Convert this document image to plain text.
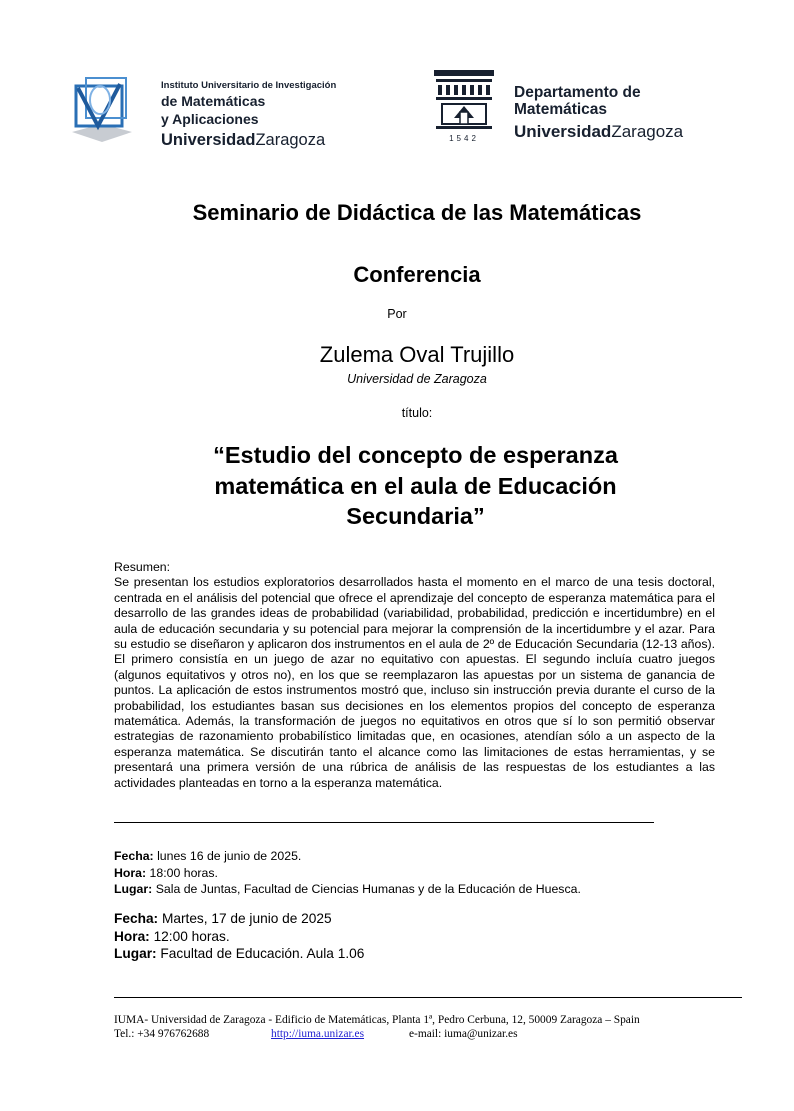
Instituto Universitario de Investigación
de Matemáticas
y Aplicaciones
UniversidadZaragoza	1542
Departamento de
Matemáticas
UniversidadZaragoza
Seminario de Didáctica de las Matemáticas
Conferencia
Por
Zulema Oval Trujillo
Universidad de Zaragoza
título:
“Estudio del concepto de esperanza matemática en el aula de Educación Secundaria”
Resumen:

Se presentan los estudios exploratorios desarrollados hasta el momento en el marco de una tesis doctoral, centrada en el análisis del potencial que ofrece el aprendizaje del concepto de esperanza matemática para el desarrollo de las grandes ideas de probabilidad (variabilidad, probabilidad, predicción e incertidumbre) en el aula de educación secundaria y su potencial para mejorar la comprensión de la incertidumbre y el azar. Para su estudio se diseñaron y aplicaron dos instrumentos en el aula de 2º de Educación Secundaria (12-13 años). El primero consistía en un juego de azar no equitativo con apuestas. El segundo incluía cuatro juegos (algunos equitativos y otros no), en los que se reemplazaron las apuestas por un sistema de ganancia de puntos. La aplicación de estos instrumentos mostró que, incluso sin instrucción previa durante el curso de la probabilidad, los estudiantes basan sus decisiones en los elementos propios del concepto de esperanza matemática. Además, la transformación de juegos no equitativos en otros que sí lo son permitió observar estrategias de razonamiento probabilístico limitadas que, en ocasiones, atendían sólo a un aspecto de la esperanza matemática. Se discutirán tanto el alcance como las limitaciones de estas herramientas, y se presentará una primera versión de una rúbrica de análisis de las respuestas de los estudiantes a las actividades planteadas en torno a la esperanza matemática.

Fecha: lunes 16 de junio de 2025.
Hora: 18:00 horas.
Lugar: Sala de Juntas, Facultad de Ciencias Humanas y de la Educación de Huesca.
Fecha: Martes, 17 de junio de 2025
Hora: 12:00 horas.
Lugar: Facultad de Educación. Aula 1.06
IUMA- Universidad de Zaragoza - Edificio de Matemáticas, Planta 1ª, Pedro Cerbuna, 12, 50009 Zaragoza – Spain
Tel.: +34 976762688	http://iuma.unizar.es	e-mail: iuma@unizar.es
